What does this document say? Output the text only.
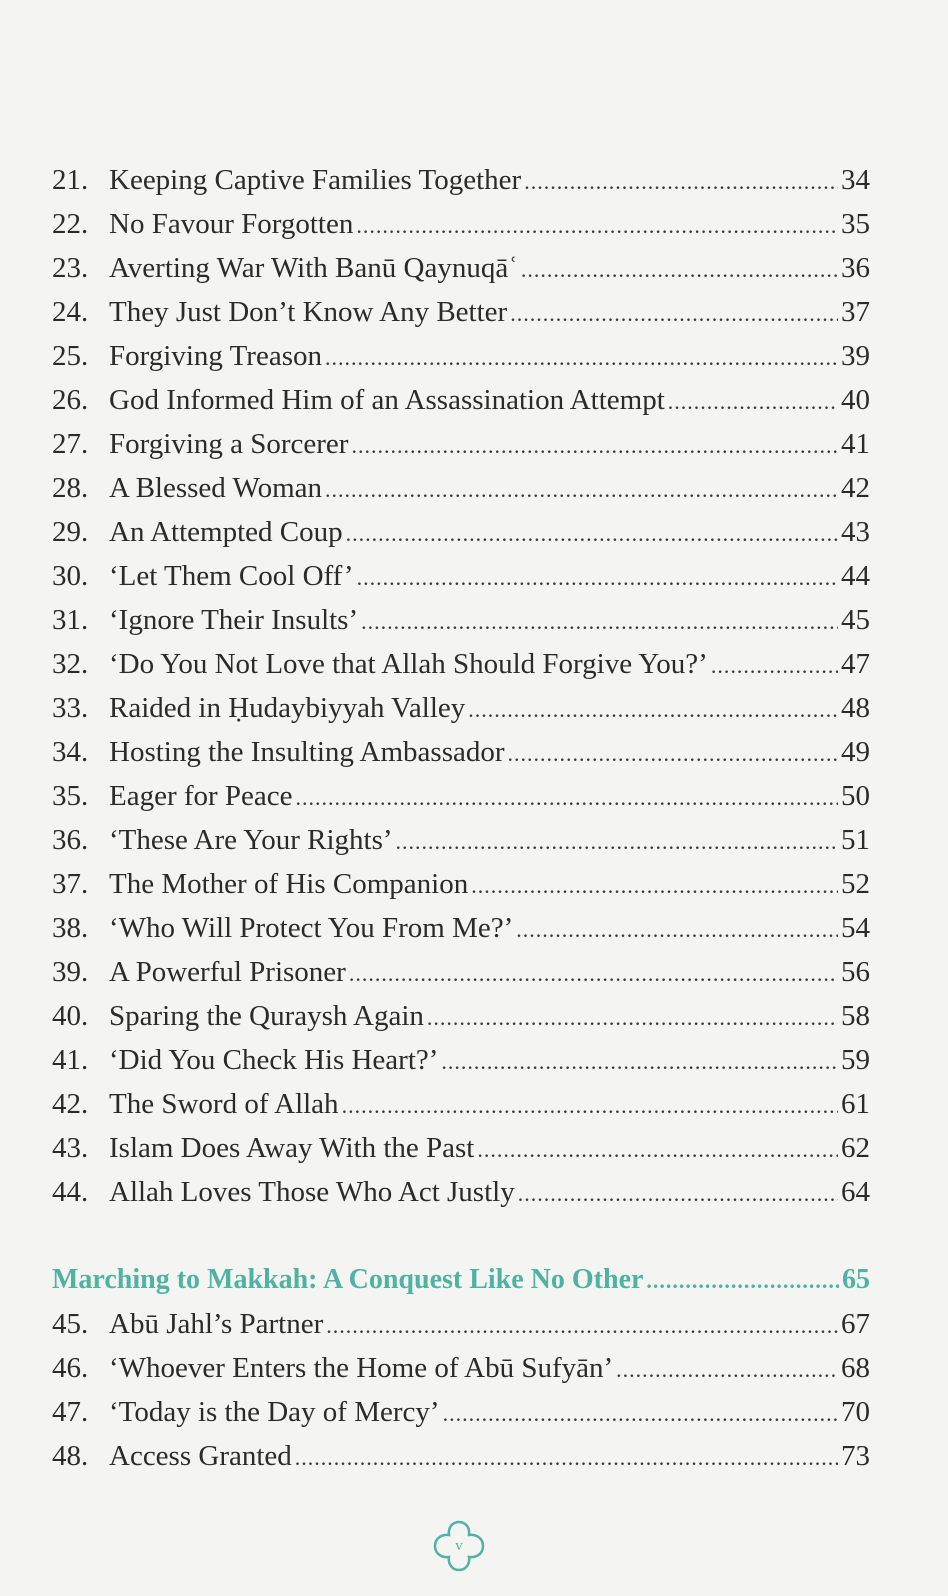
21. Keeping Captive Families Together .....	34
22. No Favour Forgotten .....	35
23. Averting War With Banū Qaynuqāʿ .....	36
24. They Just Don’t Know Any Better .....	37
25. Forgiving Treason .....	39
26. God Informed Him of an Assassination Attempt .....	40
27. Forgiving a Sorcerer .....	41
28. A Blessed Woman .....	42
29. An Attempted Coup .....	43
30. ‘Let Them Cool Off’ .....	44
31. ‘Ignore Their Insults’ .....	45
32. ‘Do You Not Love that Allah Should Forgive You?’ .....	47
33. Raided in Ḥudaybiyyah Valley .....	48
34. Hosting the Insulting Ambassador .....	49
35. Eager for Peace .....	50
36. ‘These Are Your Rights’ .....	51
37. The Mother of His Companion .....	52
38. ‘Who Will Protect You From Me?’ .....	54
39. A Powerful Prisoner .....	56
40. Sparing the Quraysh Again .....	58
41. ‘Did You Check His Heart?’ .....	59
42. The Sword of Allah .....	61
43. Islam Does Away With the Past .....	62
44. Allah Loves Those Who Act Justly .....	64
Marching to Makkah: A Conquest Like No Other .....	65
45. Abū Jahl’s Partner .....	67
46. ‘Whoever Enters the Home of Abū Sufyān’ .....	68
47. ‘Today is the Day of Mercy’ .....	70
48. Access Granted .....	73
v
